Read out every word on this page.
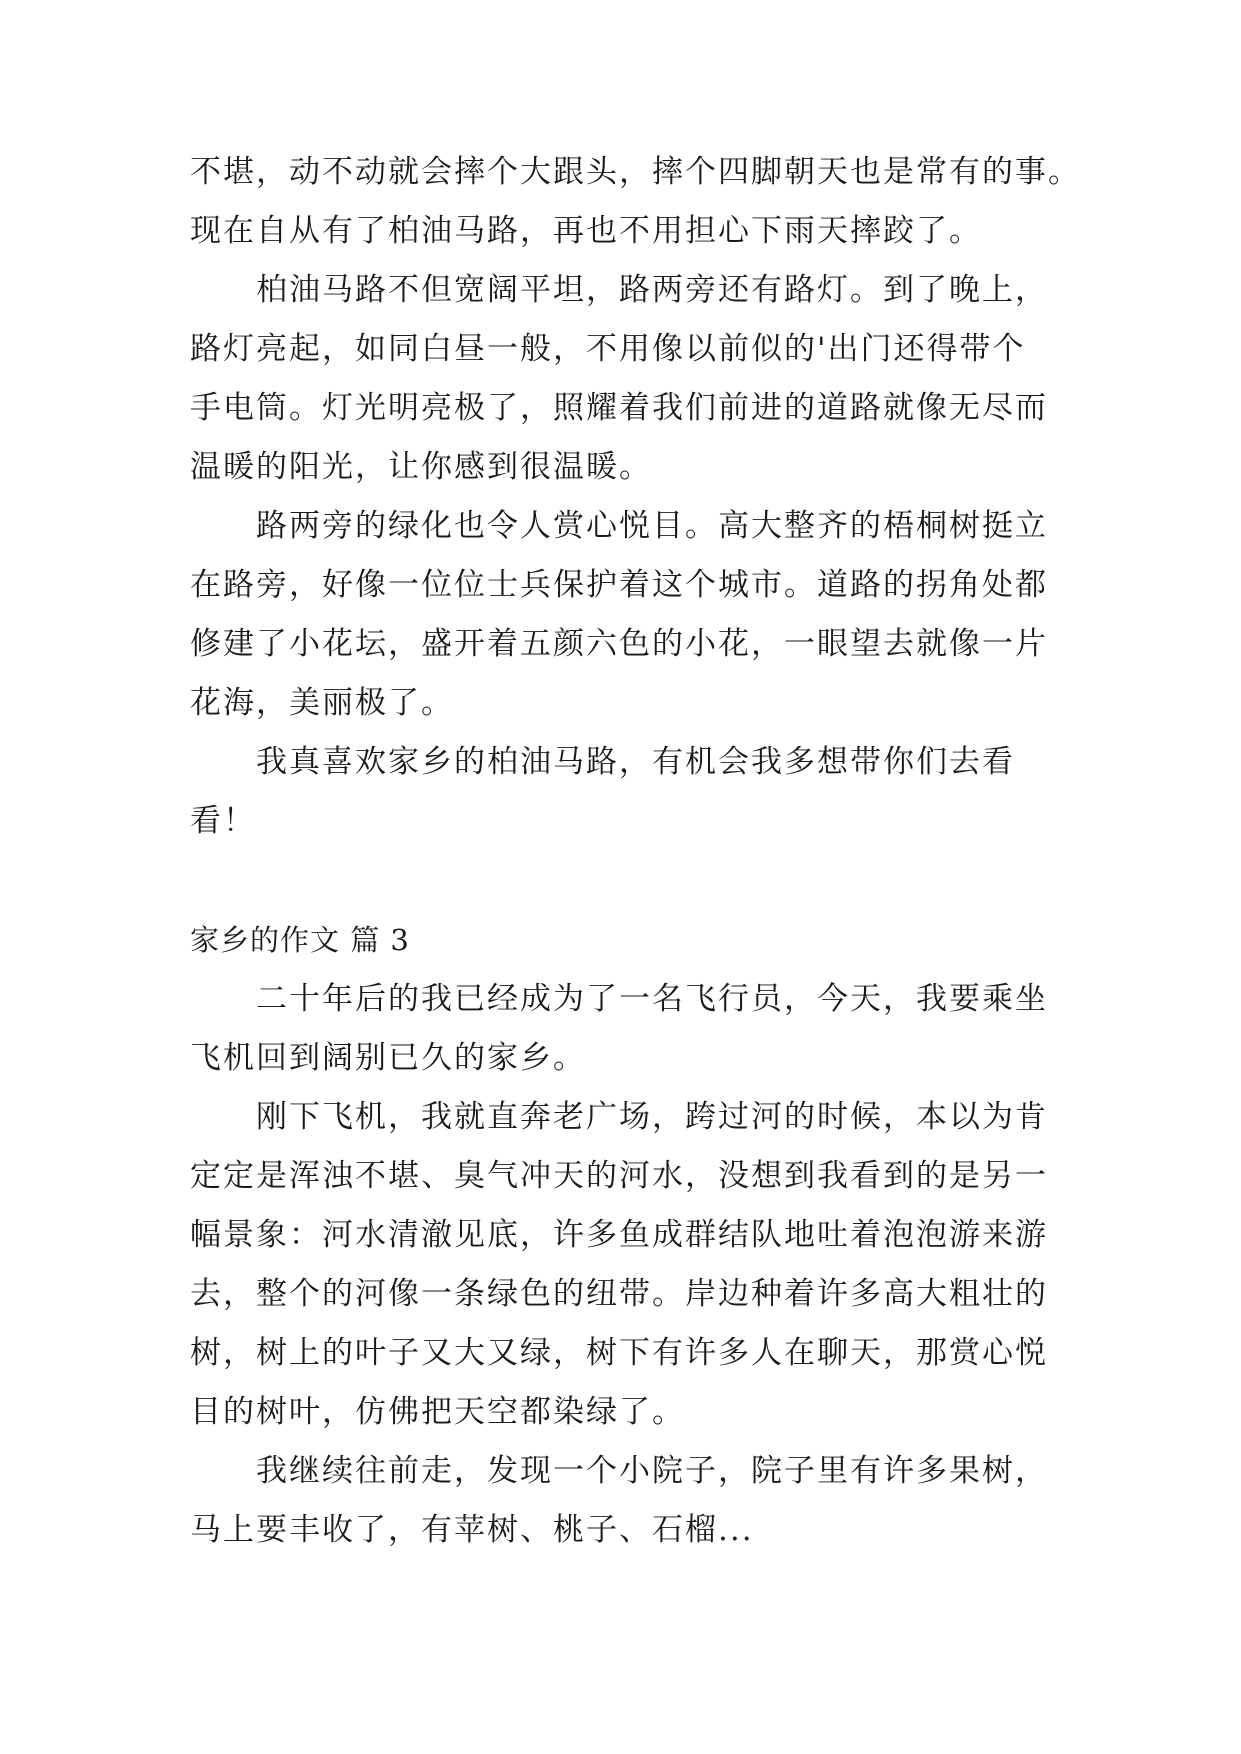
不堪，动不动就会摔个大跟头，摔个四脚朝天也是常有的事。
现在自从有了柏油马路，再也不用担心下雨天摔跤了。
柏油马路不但宽阔平坦，路两旁还有路灯。到了晚上，
路灯亮起，如同白昼一般，不用像以前似的'出门还得带个
手电筒。灯光明亮极了，照耀着我们前进的道路就像无尽而
温暖的阳光，让你感到很温暖。
路两旁的绿化也令人赏心悦目。高大整齐的梧桐树挺立
在路旁，好像一位位士兵保护着这个城市。道路的拐角处都
修建了小花坛，盛开着五颜六色的小花，一眼望去就像一片
花海，美丽极了。
我真喜欢家乡的柏油马路，有机会我多想带你们去看
看！
家乡的作文 篇 3
二十年后的我已经成为了一名飞行员，今天，我要乘坐
飞机回到阔别已久的家乡。
刚下飞机，我就直奔老广场，跨过河的时候，本以为肯
定定是浑浊不堪、臭气冲天的河水，没想到我看到的是另一
幅景象：河水清澈见底，许多鱼成群结队地吐着泡泡游来游
去，整个的河像一条绿色的纽带。岸边种着许多高大粗壮的
树，树上的叶子又大又绿，树下有许多人在聊天，那赏心悦
目的树叶，仿佛把天空都染绿了。
我继续往前走，发现一个小院子，院子里有许多果树，
马上要丰收了，有苹树、桃子、石榴...
